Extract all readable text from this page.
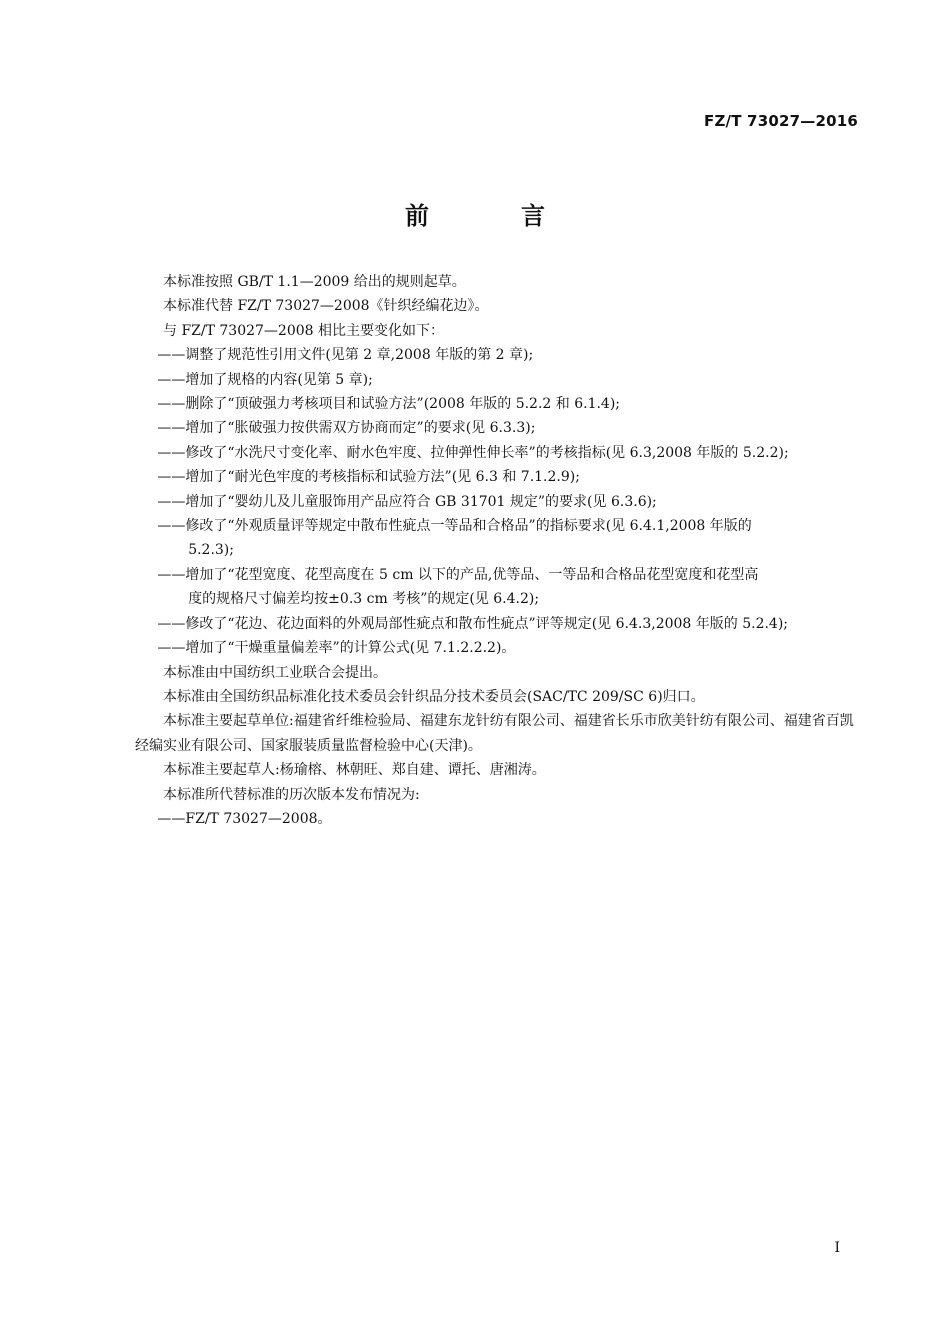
FZ/T 73027—2016
前　言

本标准按照 GB/T 1.1—2009 给出的规则起草。

本标准代替 FZ/T 73027—2008《针织经编花边》。

与 FZ/T 73027—2008 相比主要变化如下：

——调整了规范性引用文件(见第 2 章,2008 年版的第 2 章);

——增加了规格的内容(见第 5 章);

——删除了“顶破强力考核项目和试验方法”(2008 年版的 5.2.2 和 6.1.4);

——增加了“胀破强力按供需双方协商而定”的要求(见 6.3.3);

——修改了“水洗尺寸变化率、耐水色牢度、拉伸弹性伸长率”的考核指标(见 6.3,2008 年版的 5.2.2);

——增加了“耐光色牢度的考核指标和试验方法”(见 6.3 和 7.1.2.9);

——增加了“婴幼儿及儿童服饰用产品应符合 GB 31701 规定”的要求(见 6.3.6);

——修改了“外观质量评等规定中散布性疵点一等品和合格品”的指标要求(见 6.4.1,2008 年版的

5.2.3);

——增加了“花型宽度、花型高度在 5 cm 以下的产品,优等品、一等品和合格品花型宽度和花型高

度的规格尺寸偏差均按±0.3 cm 考核”的规定(见 6.4.2);

——修改了“花边、花边面料的外观局部性疵点和散布性疵点”评等规定(见 6.4.3,2008 年版的 5.2.4);

——增加了“干燥重量偏差率”的计算公式(见 7.1.2.2.2)。

本标准由中国纺织工业联合会提出。

本标准由全国纺织品标准化技术委员会针织品分技术委员会(SAC/TC 209/SC 6)归口。

本标准主要起草单位:福建省纤维检验局、福建东龙针纺有限公司、福建省长乐市欣美针纺有限公司、福建省百凯经编实业有限公司、国家服装质量监督检验中心(天津)。

本标准主要起草人:杨瑜榕、林朝旺、郑自建、谭托、唐湘涛。

本标准所代替标准的历次版本发布情况为:

——FZ/T 73027—2008。

I
